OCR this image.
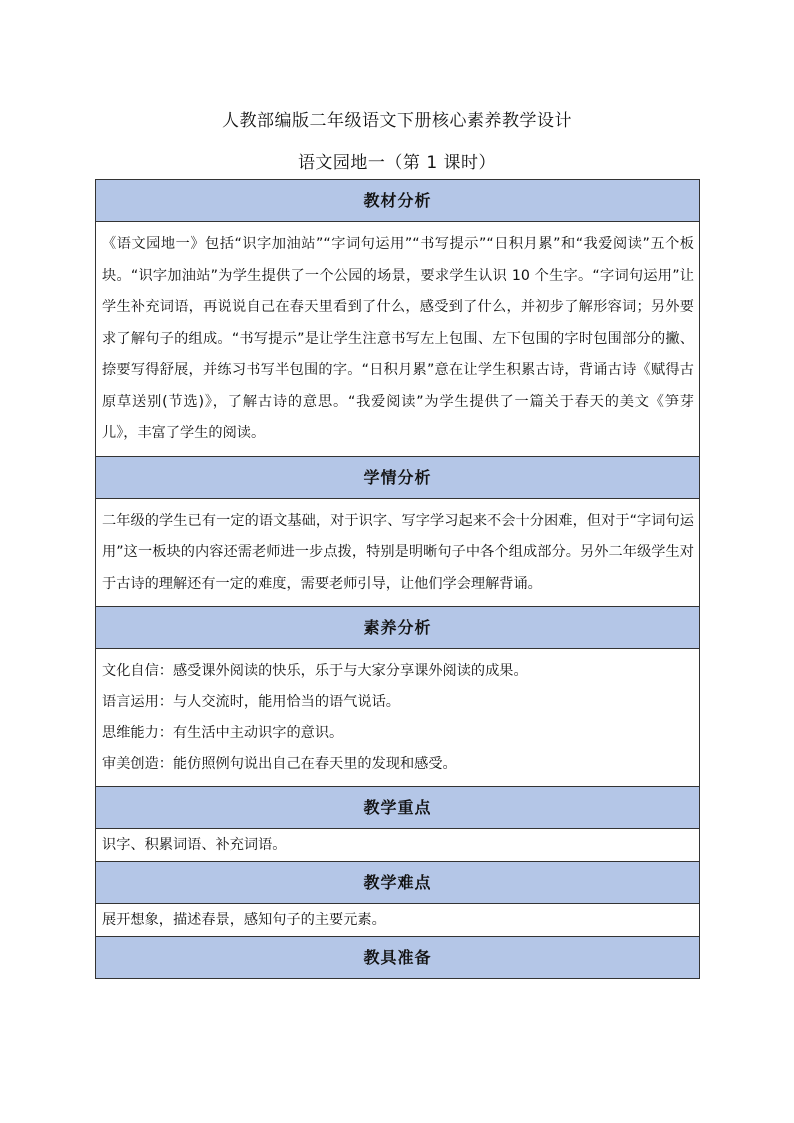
人教部编版二年级语文下册核心素养教学设计
语文园地一（第 1 课时）
教材分析
《语文园地一》包括“识字加油站”“字词句运用”“书写提示”“日积月累”和“我爱阅读”五个板块。“识字加油站”为学生提供了一个公园的场景，要求学生认识 10 个生字。“字词句运用”让学生补充词语，再说说自己在春天里看到了什么，感受到了什么，并初步了解形容词；另外要求了解句子的组成。“书写提示”是让学生注意书写左上包围、左下包围的字时包围部分的撇、捺要写得舒展，并练习书写半包围的字。“日积月累”意在让学生积累古诗，背诵古诗《赋得古原草送别(节选)》，了解古诗的意思。“我爱阅读”为学生提供了一篇关于春天的美文《笋芽儿》，丰富了学生的阅读。
学情分析
二年级的学生已有一定的语文基础，对于识字、写字学习起来不会十分困难，但对于“字词句运用”这一板块的内容还需老师进一步点拨，特别是明晰句子中各个组成部分。另外二年级学生对于古诗的理解还有一定的难度，需要老师引导，让他们学会理解背诵。
素养分析
文化自信：感受课外阅读的快乐，乐于与大家分享课外阅读的成果。
语言运用：与人交流时，能用恰当的语气说话。
思维能力：有生活中主动识字的意识。
审美创造：能仿照例句说出自己在春天里的发现和感受。
教学重点
识字、积累词语、补充词语。
教学难点
展开想象，描述春景，感知句子的主要元素。
教具准备
